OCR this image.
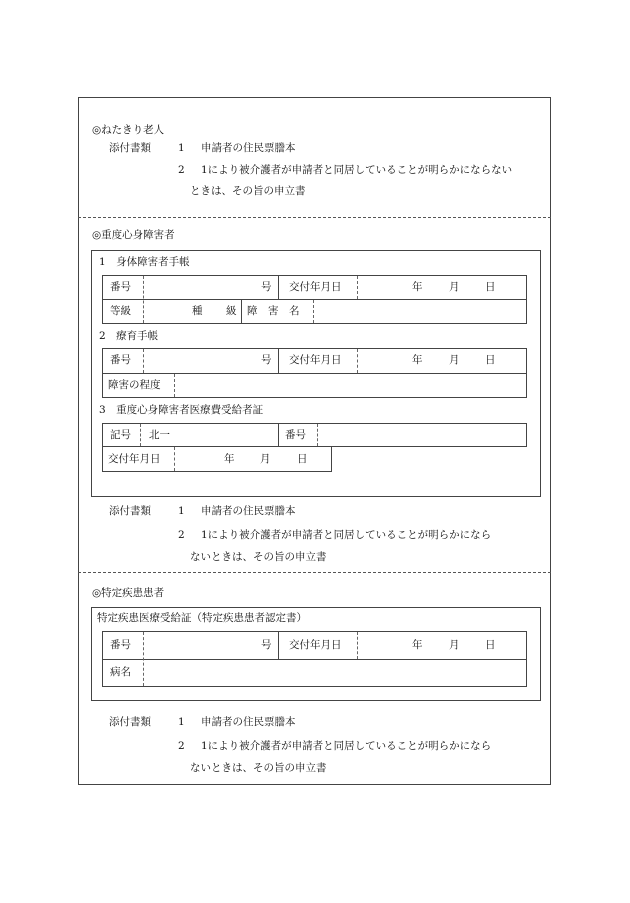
◎ねたきり老人
添付書類	1 申請者の住民票謄本
2 1により被介護者が申請者と同居していることが明らかにならない
ときは、その旨の申立書
◎重度心身障害者
1　身体障害者手帳
番号	号 交付年月日	年	月 日
等級	種 級 障　害　名
2　療育手帳
番号	号 交付年月日	年	月 日
障害の程度
3　重度心身障害者医療費受給者証
記号 北一	番号
交付年月日	年 月	日
添付書類	1 申請者の住民票謄本
2 1により被介護者が申請者と同居していることが明らかになら
ないときは、その旨の申立書
◎特定疾患患者
特定疾患医療受給証（特定疾患患者認定書）
番号	号 交付年月日	年	月 日
病名
添付書類	1 申請者の住民票謄本
2 1により被介護者が申請者と同居していることが明らかになら
ないときは、その旨の申立書
